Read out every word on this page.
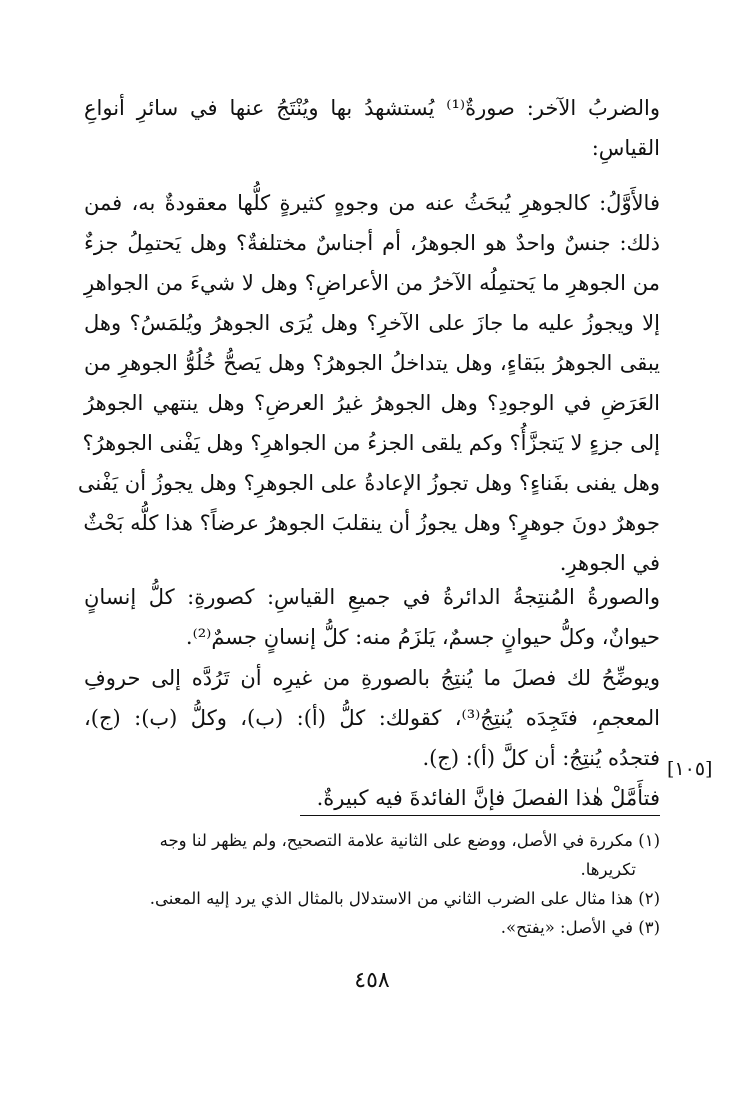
والضربُ الآخر: صورةٌ⁽¹⁾ يُستشهدُ بها ويُنْتَجُ عنها في سائرِ أنواعِ
القياسِ:
فالأَوَّلُ: كالجوهرِ يُبحَثُ عنه من وجوهٍ كثيرةٍ كلُّها معقودةٌ به، فمن
ذلك: جنسٌ واحدٌ هو الجوهرُ، أم أجناسٌ مختلفةٌ؟ وهل يَحتمِلُ جزءٌ
من الجوهرِ ما يَحتمِلُه الآخرُ من الأعراضِ؟ وهل لا شيءَ من الجواهرِ
إلا ويجوزُ عليه ما جازَ على الآخرِ؟ وهل يُرَى الجوهرُ ويُلمَسُ؟ وهل
يبقى الجوهرُ ببَقاءٍ، وهل يتداخلُ الجوهرُ؟ وهل يَصحُّ خُلُوُّ الجوهرِ من
العَرَضِ في الوجودِ؟ وهل الجوهرُ غيرُ العرضِ؟ وهل ينتهي الجوهرُ
إلى جزءٍ لا يَتجزَّأُ؟ وكم يلقى الجزءُ من الجواهرِ؟ وهل يَفْنى الجوهرُ؟
وهل يفنى بفَناءٍ؟ وهل تجوزُ الإعادةُ على الجوهرِ؟ وهل يجوزُ أن يَفْنى
جوهرٌ دونَ جوهرٍ؟ وهل يجوزُ أن ينقلبَ الجوهرُ عرضاً؟ هذا كلُّه بَحْثٌ
في الجوهرِ.
والصورةُ المُنتِجةُ الدائرةُ في جميعِ القياسِ: كصورةِ: كلُّ إنسانٍ
حيوانٌ، وكلُّ حيوانٍ جسمٌ، يَلزَمُ منه: كلُّ إنسانٍ جسمٌ⁽²⁾.
ويوضِّحُ لك فصلَ ما يُنتِجُ بالصورةِ من غيرِه أن تَرُدَّه إلى حروفِ
المعجمِ، فتَجِدَه يُنتِجُ⁽³⁾، كقولك: كلُّ (أ): (ب)، وكلُّ (ب): (ج)،
فتجدُه يُنتِجُ: أن كلَّ (أ): (ج).
فتأَمَّلْ هٰذا الفصلَ فإنَّ الفائدةَ فيه كبيرةٌ.
[١٠٥]
(١) مكررة في الأصل، ووضع على الثانية علامة التصحيح، ولم يظهر لنا وجه
تكريرها.
(٢) هذا مثال على الضرب الثاني من الاستدلال بالمثال الذي يرد إليه المعنى.
(٣) في الأصل: «يفتح».
٤٥٨
